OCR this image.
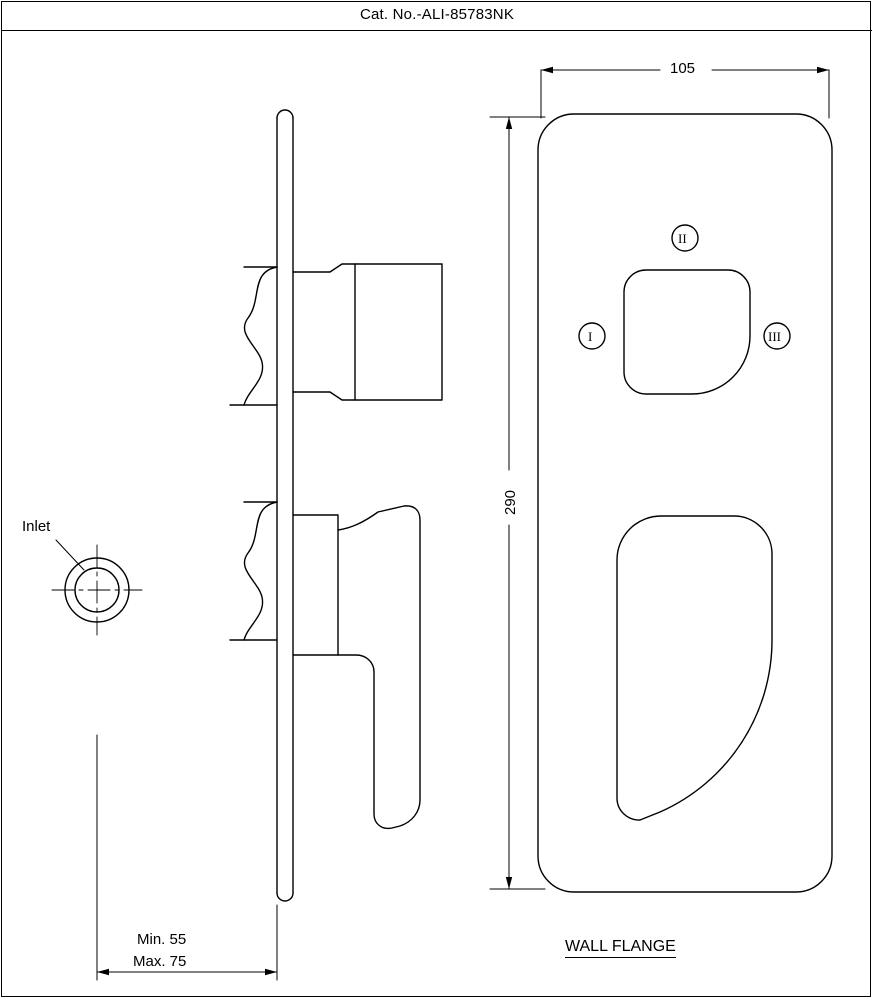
Cat. No.-ALI-85783NK
105
290
I
II
III
Inlet
Min. 55
Max. 75
WALL FLANGE
